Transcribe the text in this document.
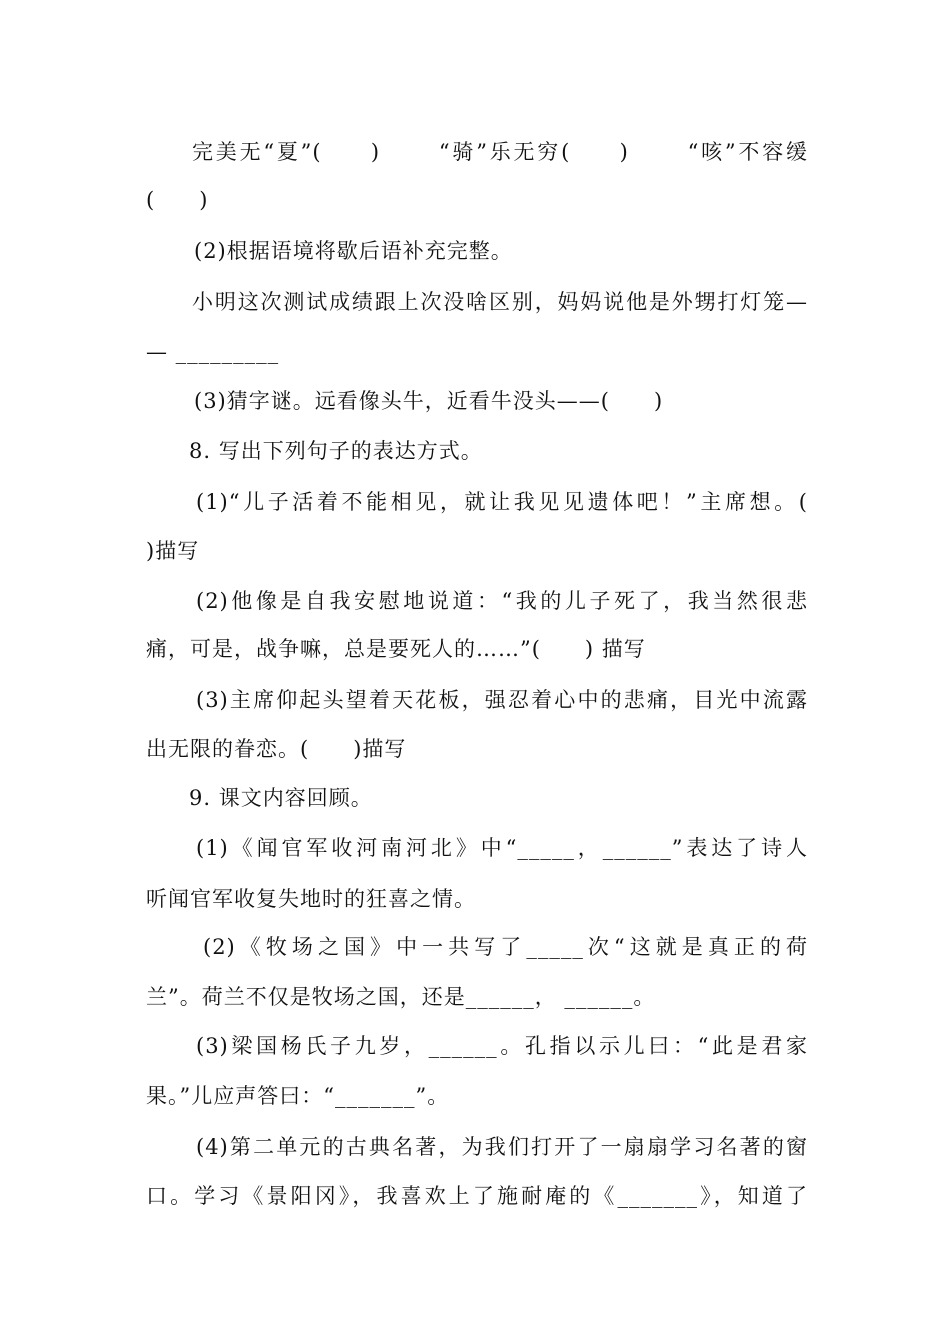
完美无“夏”(　　)　　 “骑”乐无穷(　　)　　 “咳”不容缓
(　　)
(2)根据语境将歇后语补充完整。
小明这次测试成绩跟上次没啥区别，妈妈说他是外甥打灯笼—
— _________
(3)猜字谜。远看像头牛，近看牛没头——(　　)
8. 写出下列句子的表达方式。
(1)“儿子活着不能相见，就让我见见遗体吧！”主席想。(
)描写
(2)他像是自我安慰地说道：“我的儿子死了，我当然很悲
痛，可是，战争嘛，总是要死人的……”(　　) 描写
(3)主席仰起头望着天花板，强忍着心中的悲痛，目光中流露
出无限的眷恋。(　　)描写
9. 课文内容回顾。
(1)《闻官军收河南河北》中“_____，______”表达了诗人
听闻官军收复失地时的狂喜之情。
(2)《牧场之国》中一共写了_____次“这就是真正的荷
兰”。荷兰不仅是牧场之国，还是______， ______。
(3)梁国杨氏子九岁，______。孔指以示儿曰：“此是君家
果。”儿应声答曰：“_______”。
(4)第二单元的古典名著，为我们打开了一扇扇学习名著的窗
口。学习《景阳冈》，我喜欢上了施耐庵的《_______》，知道了
